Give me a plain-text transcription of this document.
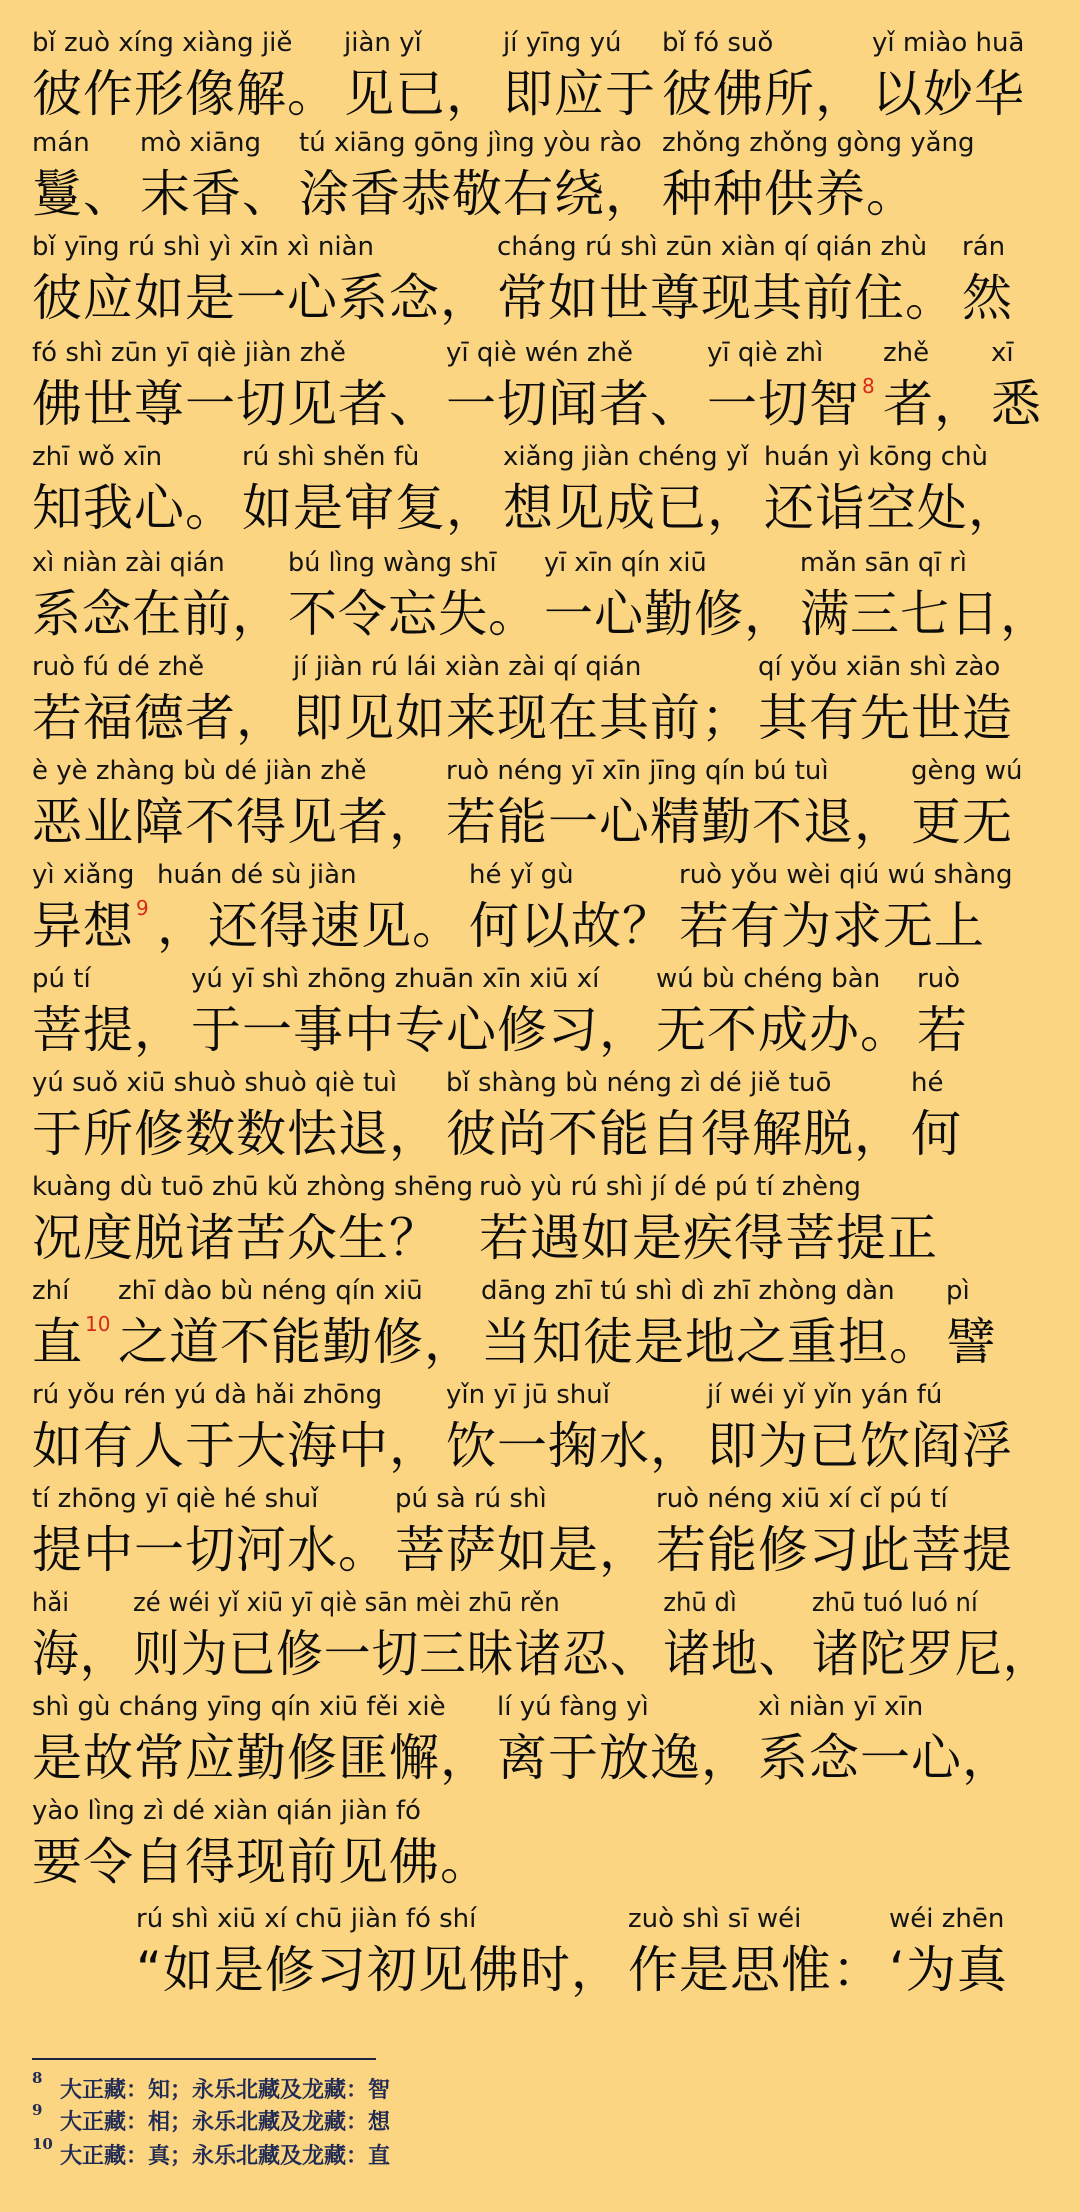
bǐ zuò xíng xiàng jiě
彼作形像解。
jiàn yǐ
见已，
jí yīng yú
即应于
bǐ fó suǒ
彼佛所，
yǐ miào huā
以妙华
mán
鬘、
mò xiāng
末香、
tú xiāng gōng jìng yòu rào
涂香恭敬右绕，
zhǒng zhǒng gòng yǎng
种种供养。
bǐ yīng rú shì yì xīn xì niàn
彼应如是一心系念，
cháng rú shì zūn xiàn qí qián zhù
常如世尊现其前住。
rán
然
fó shì zūn yī qiè jiàn zhě
佛世尊一切见者、
yī qiè wén zhě
一切闻者、
yī qiè zhì
一切智 8
zhě
者，
xī
悉
zhī wǒ xīn
知我心。
rú shì shěn fù
如是审复，
xiǎng jiàn chéng yǐ
想见成已，
huán yì kōng chù
还诣空处，
xì niàn zài qián
系念在前，
bú lìng wàng shī
不令忘失。
yī xīn qín xiū
一心勤修，
mǎn sān qī rì
满三七日，
ruò fú dé zhě
若福德者，
jí jiàn rú lái xiàn zài qí qián
即见如来现在其前；
qí yǒu xiān shì zào
其有先世造
è yè zhàng bù dé jiàn zhě
恶业障不得见者，
ruò néng yī xīn jīng qín bú tuì
若能一心精勤不退，
gèng wú
更无
yì xiǎng
异想 9
huán dé sù jiàn
，还得速见。
hé yǐ gù
何以故？
ruò yǒu wèi qiú wú shàng
若有为求无上
pú tí
菩提，
yú yī shì zhōng zhuān xīn xiū xí
于一事中专心修习，
wú bù chéng bàn
无不成办。
ruò
若
yú suǒ xiū shuò shuò qiè tuì
于所修数数怯退，
bǐ shàng bù néng zì dé jiě tuō
彼尚不能自得解脱，
hé
何
kuàng dù tuō zhū kǔ zhòng shēng
况度脱诸苦众生？
ruò yù rú shì jí dé pú tí zhèng
若遇如是疾得菩提正
zhí
直 10
zhī dào bù néng qín xiū
之道不能勤修，
dāng zhī tú shì dì zhī zhòng dàn
当知徒是地之重担。
pì
譬
rú yǒu rén yú dà hǎi zhōng
如有人于大海中，
yǐn yī jū shuǐ
饮一掬水，
jí wéi yǐ yǐn yán fú
即为已饮阎浮
tí zhōng yī qiè hé shuǐ
提中一切河水。
pú sà rú shì
菩萨如是，
ruò néng xiū xí cǐ pú tí
若能修习此菩提
hǎi
海，
zé wéi yǐ xiū yī qiè sān mèi zhū rěn
则为已修一切三昧诸忍、
zhū dì
诸地、
zhū tuó luó ní
诸陀罗尼，
shì gù cháng yīng qín xiū fěi xiè
是故常应勤修匪懈，
lí yú fàng yì
离于放逸，
xì niàn yī xīn
系念一心，
yào lìng zì dé xiàn qián jiàn fó
要令自得现前见佛。
rú shì xiū xí chū jiàn fó shí
“如是修习初见佛时，
zuò shì sī wéi
作是思惟：
wéi zhēn
‘为真
8 大正藏：知；永乐北藏及龙藏：智
9 大正藏：相；永乐北藏及龙藏：想
10 大正藏：真；永乐北藏及龙藏：直
